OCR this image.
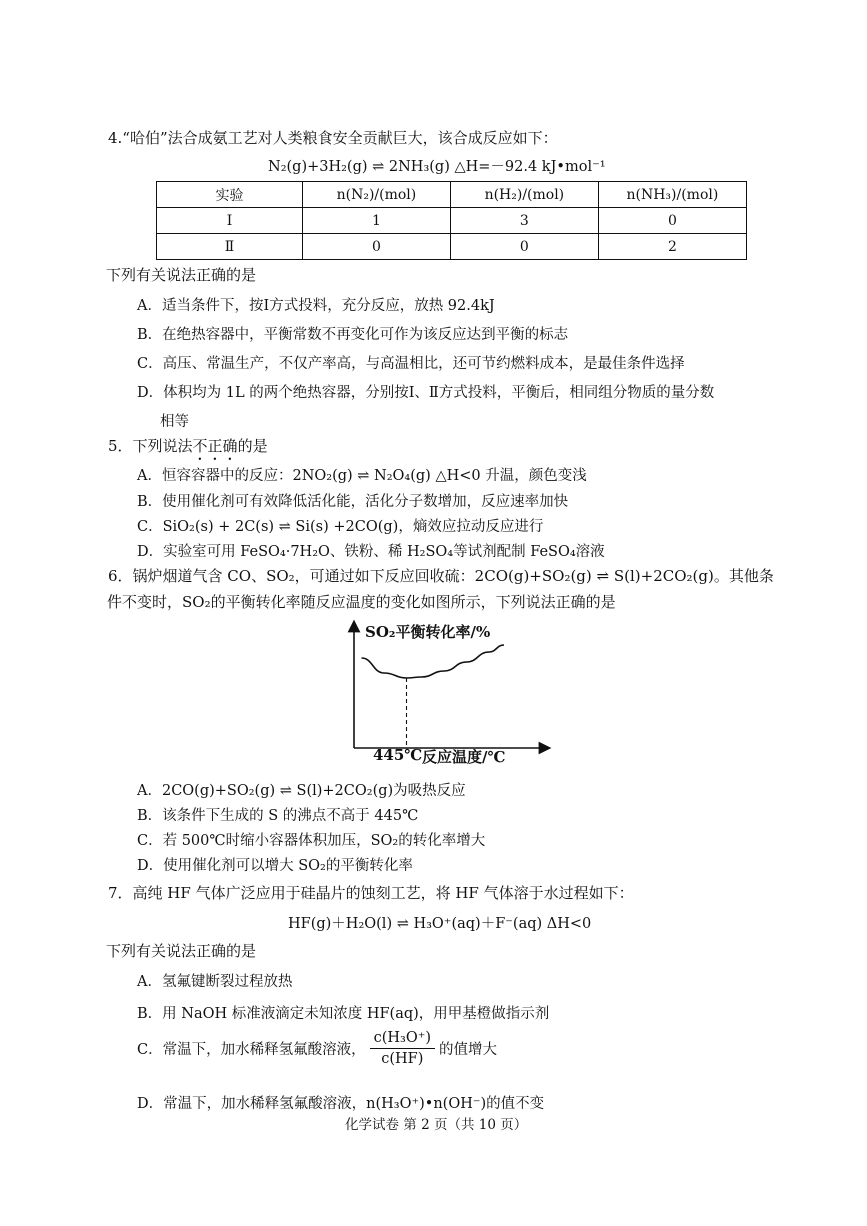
4.“哈伯”法合成氨工艺对人类粮食安全贡献巨大，该合成反应如下：
N₂(g)+3H₂(g) ⇌ 2NH₃(g) △H=－92.4 kJ•mol⁻¹
实验	n(N₂)/(mol)	n(H₂)/(mol)	n(NH₃)/(mol)
Ⅰ	1	3	0
Ⅱ	0	0	2
下列有关说法正确的是
A．适当条件下，按Ⅰ方式投料，充分反应，放热 92.4kJ
B．在绝热容器中，平衡常数不再变化可作为该反应达到平衡的标志
C．高压、常温生产，不仅产率高，与高温相比，还可节约燃料成本，是最佳条件选择
D．体积均为 1L 的两个绝热容器，分别按Ⅰ、Ⅱ方式投料，平衡后，相同组分物质的量分数
相等
5．下列说法不正确的是
A．恒容容器中的反应：2NO₂(g) ⇌ N₂O₄(g) △H<0 升温，颜色变浅
B．使用催化剂可有效降低活化能，活化分子数增加，反应速率加快
C．SiO₂(s) + 2C(s) ⇌ Si(s) +2CO(g)，熵效应拉动反应进行
D．实验室可用 FeSO₄·7H₂O、铁粉、稀 H₂SO₄等试剂配制 FeSO₄溶液
6．锅炉烟道气含 CO、SO₂，可通过如下反应回收硫：2CO(g)+SO₂(g) ⇌ S(l)+2CO₂(g)。其他条
件不变时，SO₂的平衡转化率随反应温度的变化如图所示，下列说法正确的是
SO₂平衡转化率/%
445℃ 反应温度/℃
A．2CO(g)+SO₂(g) ⇌ S(l)+2CO₂(g)为吸热反应
B．该条件下生成的 S 的沸点不高于 445℃
C．若 500℃时缩小容器体积加压，SO₂的转化率增大
D．使用催化剂可以增大 SO₂的平衡转化率
7．高纯 HF 气体广泛应用于硅晶片的蚀刻工艺，将 HF 气体溶于水过程如下：
HF(g)＋H₂O(l) ⇌ H₃O⁺(aq)＋F⁻(aq) ΔH<0
下列有关说法正确的是
A．氢氟键断裂过程放热
B．用 NaOH 标准液滴定未知浓度 HF(aq)，用甲基橙做指示剂
C．常温下，加水稀释氢氟酸溶液， $\frac{\text{c(H₃O⁺)}}{c(HF)}$ 的值增大
D．常温下，加水稀释氢氟酸溶液，n(H₃O⁺)•n(OH⁻)的值不变
化学试卷 第 2 页（共 10 页）
